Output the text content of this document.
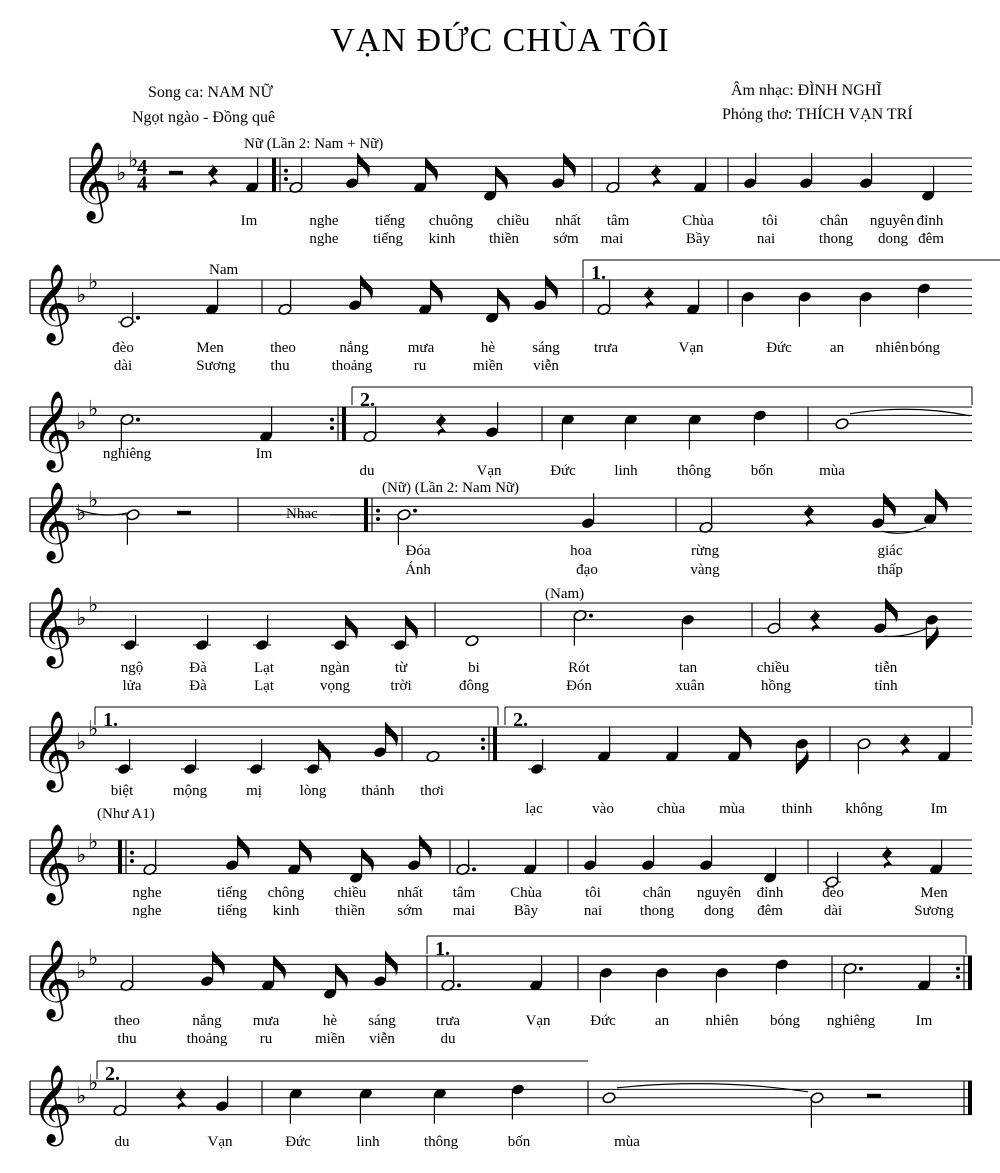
VẠN ĐỨC CHÙA TÔI
Song ca: NAM NỮ
Ngọt ngào - Đồng quê
Âm nhạc: ĐÌNH NGHĨ
Phỏng thơ: THÍCH VẠN TRÍ
Nữ (Lần 2: Nam + Nữ)
Nam
(Nữ) (Lần 2: Nam Nữ)
(Nam)
(Như A1)
Nhac
𝄞 ♭
♭
4
4
𝄞 ♭
♭	1.
𝄞 ♭
♭	2.
𝄞 ♭
♭
𝄞 ♭
♭
𝄞 ♭
♭ 1.	2.
𝄞 ♭
♭
𝄞 ♭
♭	1.
𝄞 ♭
♭ 2.
Im	nghe tiếng chuông chiều nhất tâm	Chùa	tôi	chân nguyên đỉnh
nghe tiếng kinh thiền sớm mai	Bầy	nai	thong dong đêm
đèo	Men	theo	nắng	mưa	hè sáng trưa	Vạn	Đức	an nhiên bóng
dài	Sương thu	thoảng	ru	miền viễn
nghiêng	Im
du	Vạn	Đức	linh	thông	bốn	mùa
Đóa	hoa	rừng	giác
Ánh	đạo	vàng	thấp
ngộ	Đà	Lạt	ngàn	từ	bi	Rót	tan	chiều	tiễn
lửa	Đà	Lạt	vọng	trời	đông	Đón	xuân	hồng	tỉnh
biệt	mộng	mị	lòng thảnh thơi
lạc	vào	chùa mùa thinh không	Im
nghe	tiếng chông chiều nhất tâm Chùa	tôi	chân nguyên đỉnh	đèo	Men
nghe	tiếng kinh thiền sớm mai	Bầy	nai	thong dong đêm	dài	Sương
theo	nắng mưa	hè sáng	trưa	Vạn	Đức	an nhiên bóng nghiêng	Im
thu	thoảng ru	miền viễn	du
du	Vạn	Đức	linh	thông	bốn	mùa
